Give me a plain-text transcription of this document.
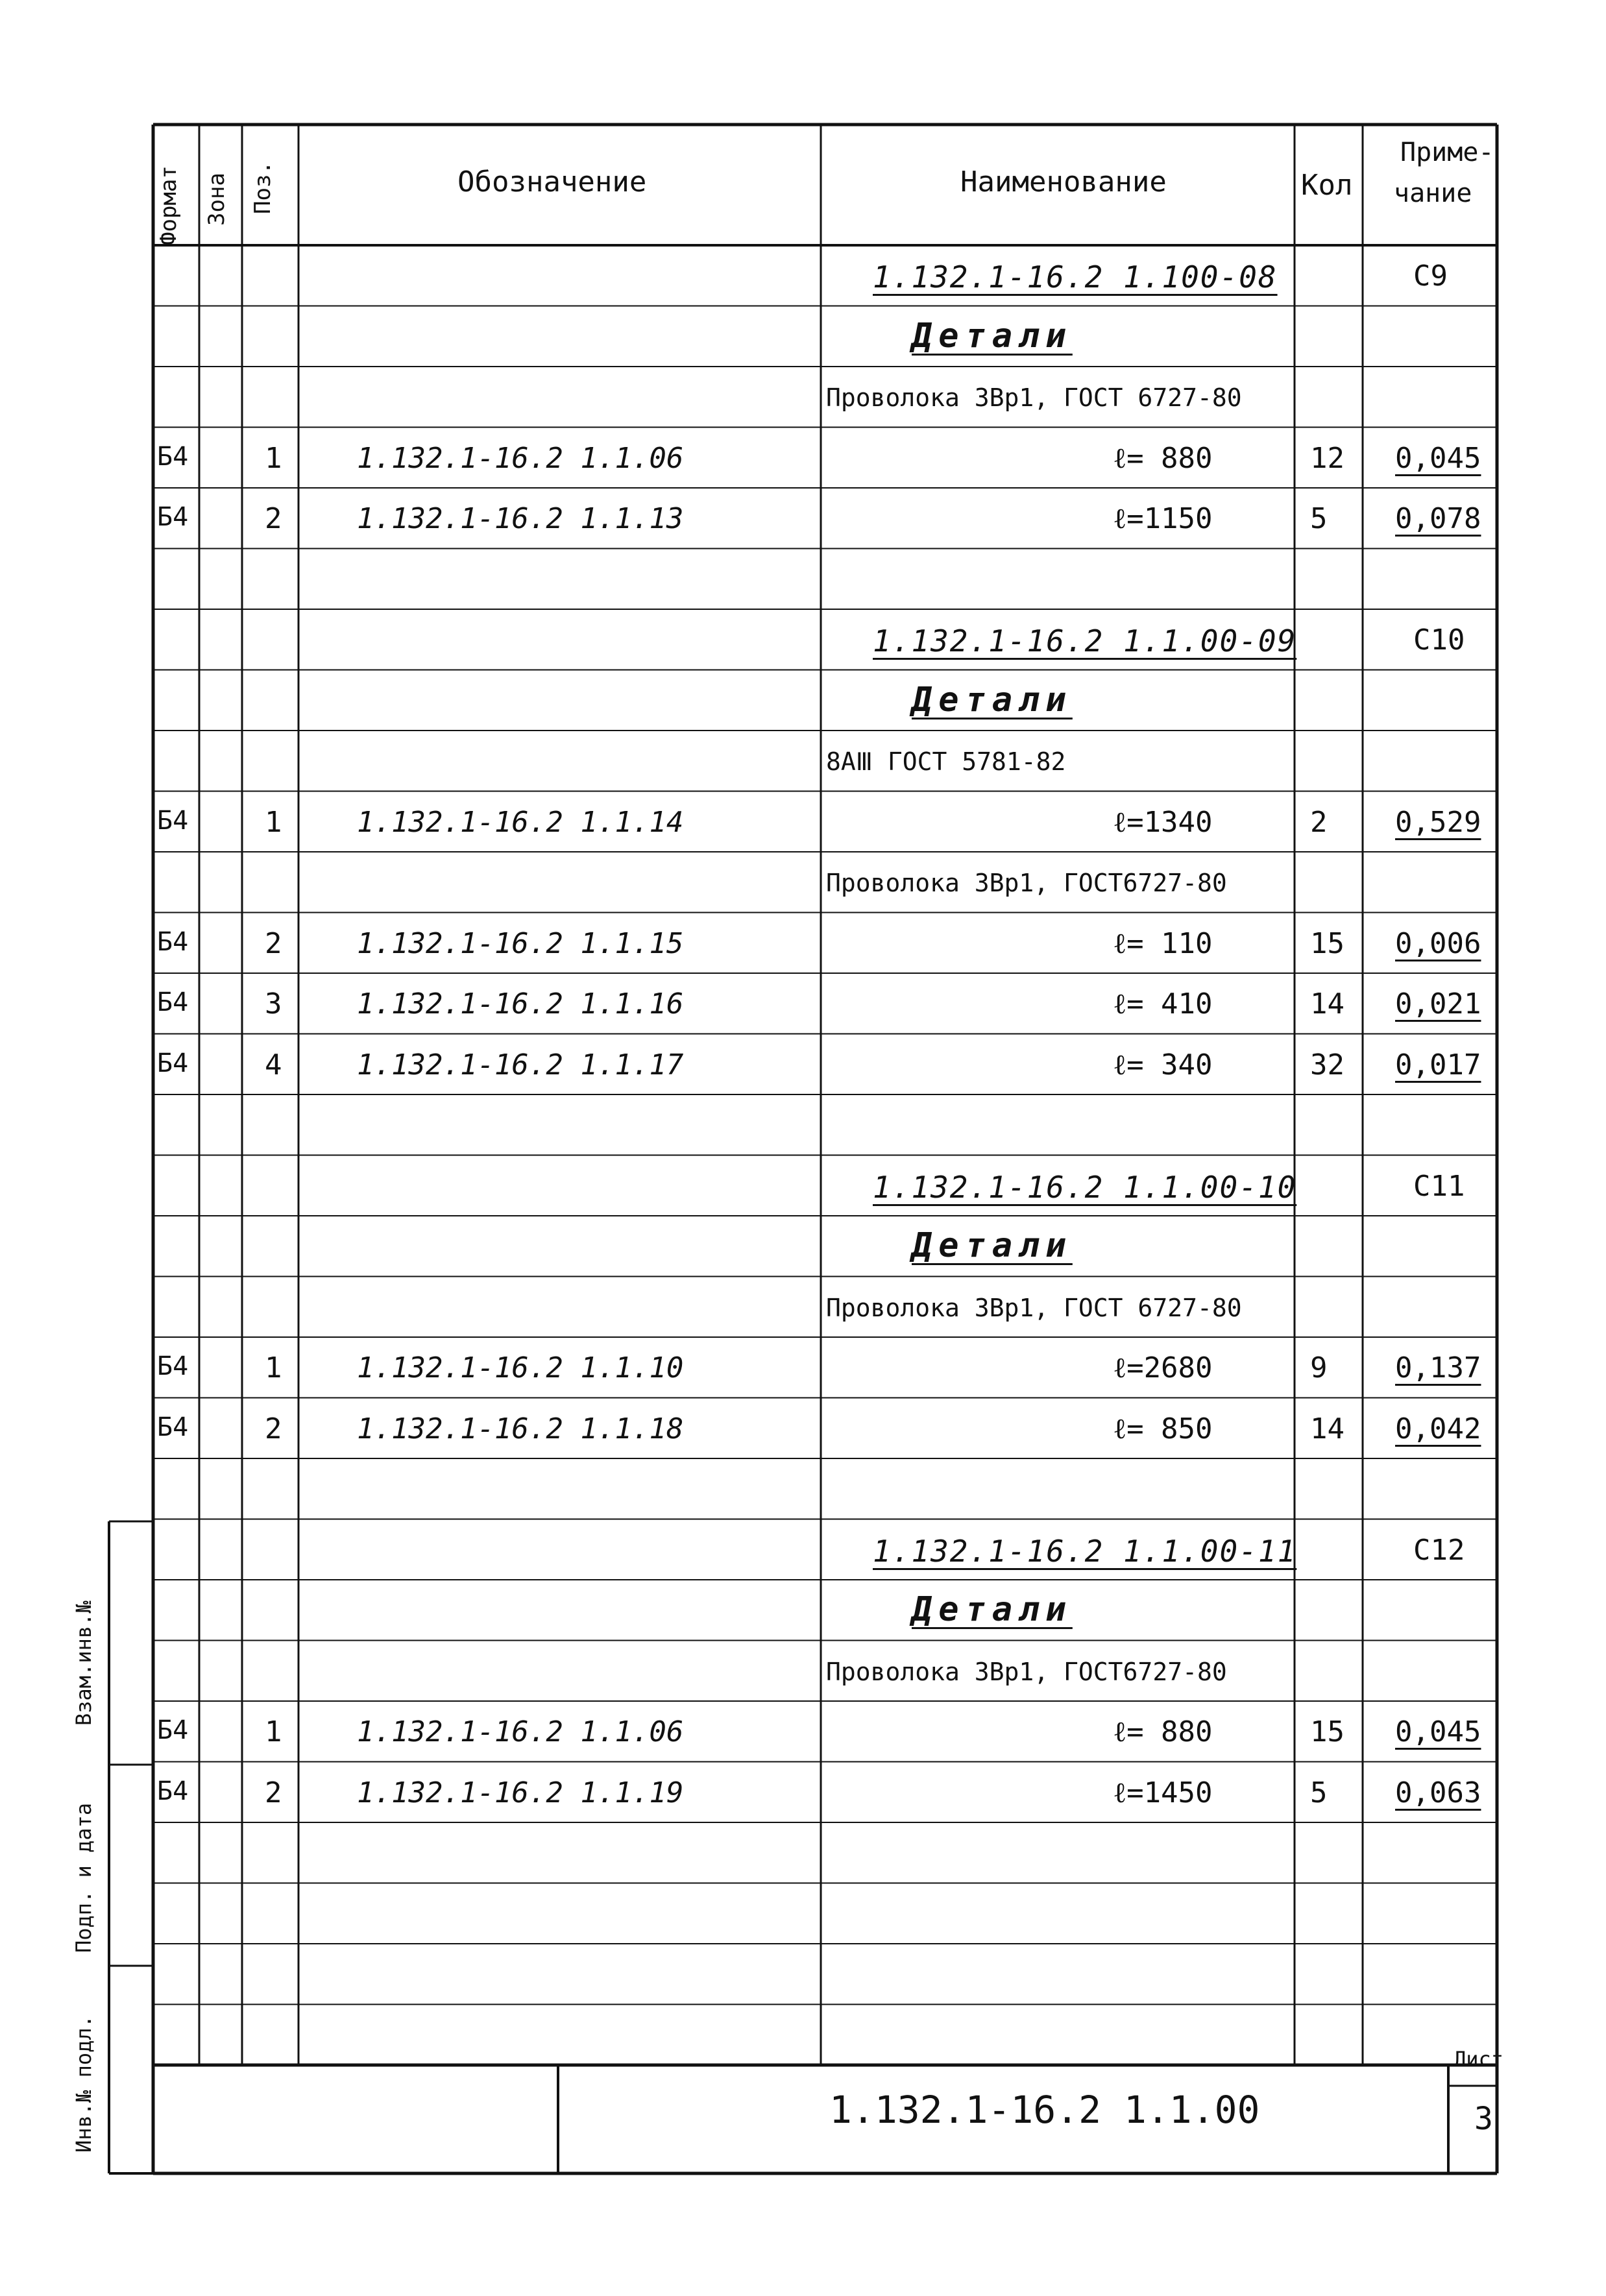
Формат Зона Поз.	Обозначение	Наименование	Кол
Приме-
чание
1.132.1-16.2 1.100-08	C9
Детали
Проволока 3Вр1, ГОСТ 6727-80
Б4	1	1.132.1-16.2 1.1.06	ℓ= 880	12 0,045
Б4	2	1.132.1-16.2 1.1.13	ℓ=1150	5 0,078
1.132.1-16.2 1.1.00-09	C10
Детали
8АⅢ ГОСТ 5781-82
Б4	1	1.132.1-16.2 1.1.14	ℓ=1340	2 0,529
Проволока 3Вр1, ГОСТ6727-80
Б4	2	1.132.1-16.2 1.1.15	ℓ= 110	15 0,006
Б4	3	1.132.1-16.2 1.1.16	ℓ= 410	14 0,021
Б4	4	1.132.1-16.2 1.1.17	ℓ= 340	32 0,017
1.132.1-16.2 1.1.00-10	C11
Детали
Проволока 3Вр1, ГОСТ 6727-80
Б4	1	1.132.1-16.2 1.1.10	ℓ=2680	9 0,137
Б4	2	1.132.1-16.2 1.1.18	ℓ= 850	14 0,042
1.132.1-16.2 1.1.00-11	C12
Детали
Проволока 3Вр1, ГОСТ6727-80
Б4	1	1.132.1-16.2 1.1.06	ℓ= 880	15 0,045
Б4	2	1.132.1-16.2 1.1.19	ℓ=1450	5 0,063
Взам.инв.№
Подп. и дата
Инв.№ подл.	1.132.1-16.2 1.1.00
Лист
3
